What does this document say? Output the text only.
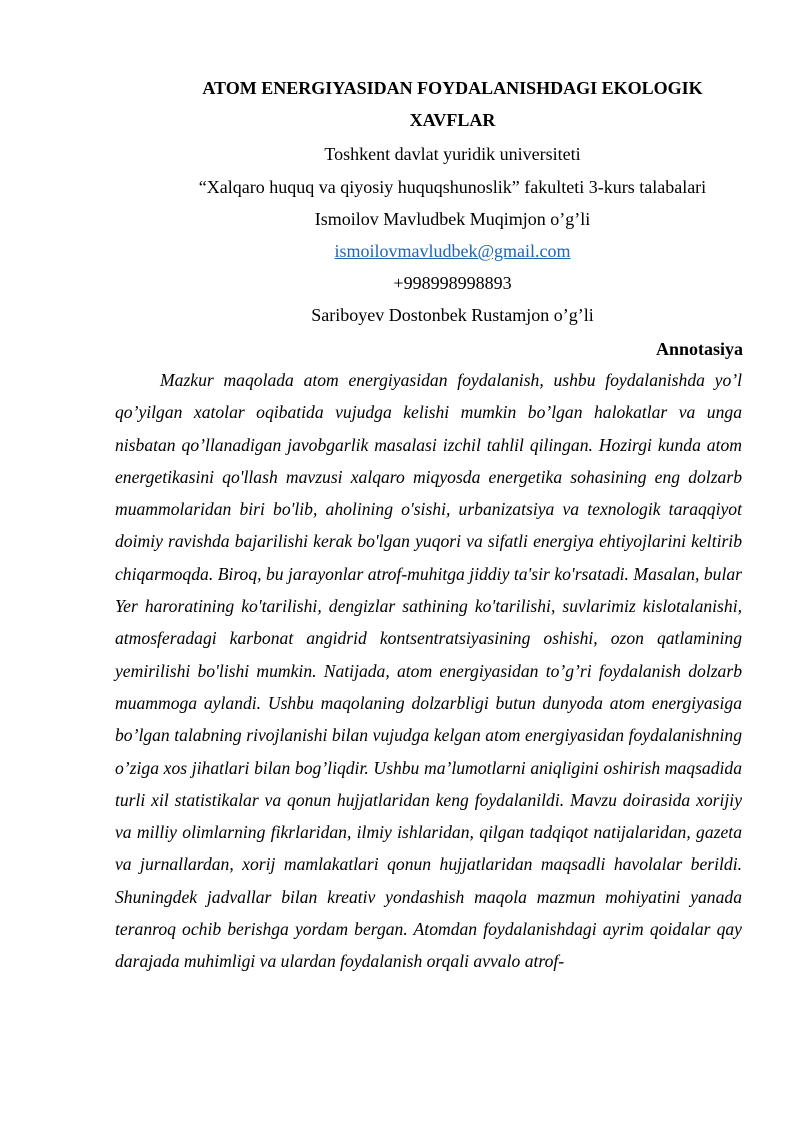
ATOM ENERGIYASIDAN FOYDALANISHDAGI EKOLOGIK
XAVFLAR
Toshkent davlat yuridik universiteti
“Xalqaro huquq va qiyosiy huquqshunoslik” fakulteti 3-kurs talabalari
Ismoilov Mavludbek Muqimjon o’g’li
ismoilovmavludbek@gmail.com
+998998998893
Sariboyev Dostonbek Rustamjon o’g’li
Annotasiya

Mazkur maqolada atom energiyasidan foydalanish, ushbu foydalanishda yo’l qo’yilgan xatolar oqibatida vujudga kelishi mumkin bo’lgan halokatlar va unga nisbatan qo’llanadigan javobgarlik masalasi izchil tahlil qilingan. Hozirgi kunda atom energetikasini qo'llash mavzusi xalqaro miqyosda energetika sohasining eng dolzarb muammolaridan biri bo'lib, aholining o'sishi, urbanizatsiya va texnologik taraqqiyot doimiy ravishda bajarilishi kerak bo'lgan yuqori va sifatli energiya ehtiyojlarini keltirib chiqarmoqda. Biroq, bu jarayonlar atrof-muhitga jiddiy ta'sir ko'rsatadi. Masalan, bular Yer haroratining ko'tarilishi, dengizlar sathining ko'tarilishi, suvlarimiz kislotalanishi, atmosferadagi karbonat angidrid kontsentratsiyasining oshishi, ozon qatlamining yemirilishi bo'lishi mumkin. Natijada, atom energiyasidan to’g’ri foydalanish dolzarb muammoga aylandi. Ushbu maqolaning dolzarbligi butun dunyoda atom energiyasiga bo’lgan talabning rivojlanishi bilan vujudga kelgan atom energiyasidan foydalanishning o’ziga xos jihatlari bilan bog’liqdir. Ushbu ma’lumotlarni aniqligini oshirish maqsadida turli xil statistikalar va qonun hujjatlaridan keng foydalanildi. Mavzu doirasida xorijiy va milliy olimlarning fikrlaridan, ilmiy ishlaridan, qilgan tadqiqot natijalaridan, gazeta va jurnallardan, xorij mamlakatlari qonun hujjatlaridan maqsadli havolalar berildi. Shuningdek jadvallar bilan kreativ yondashish maqola mazmun mohiyatini yanada teranroq ochib berishga yordam bergan. Atomdan foydalanishdagi ayrim qoidalar qay darajada muhimligi va ulardan foydalanish orqali avvalo atrof-
